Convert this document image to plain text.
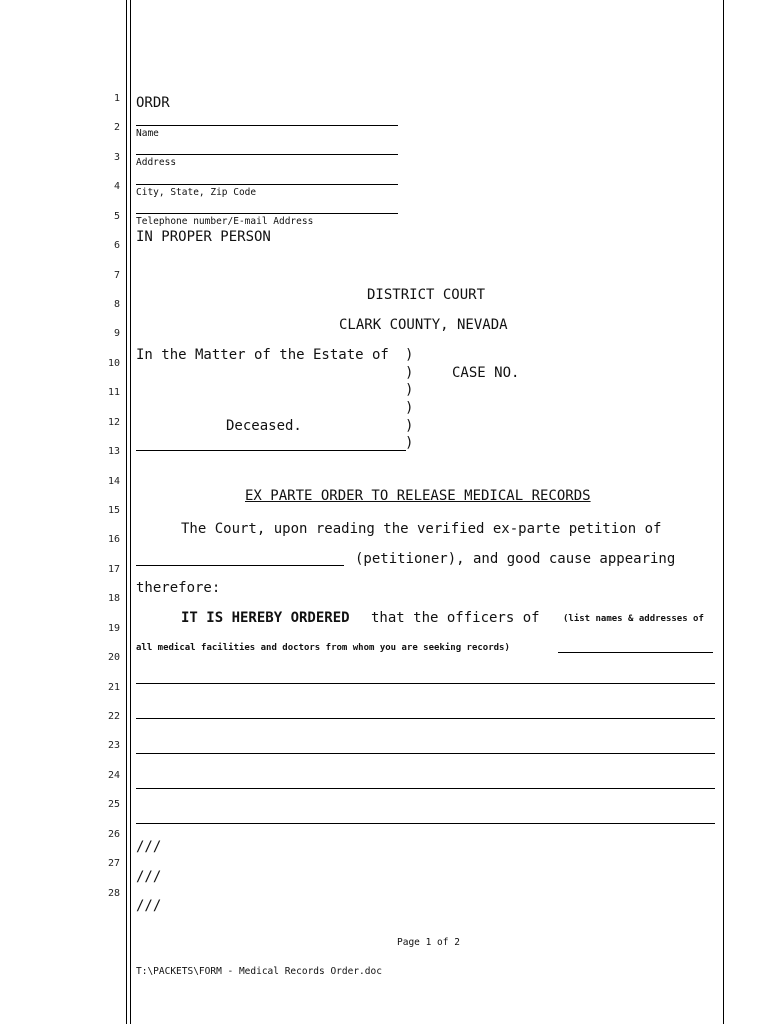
1
2
3
4
5
6
7
8
9
10
11
12
13
14
15
16
17
18
19
20
21
22
23
24
25
26
27
28
ORDR
Name
Address
City, State, Zip Code
Telephone number/E-mail Address
IN PROPER PERSON
DISTRICT COURT
CLARK COUNTY, NEVADA
In the Matter of the Estate of )
)	CASE NO.
)
)
Deceased.	)
)
EX PARTE ORDER TO RELEASE MEDICAL RECORDS
The Court, upon reading the verified ex-parte petition of
(petitioner), and good cause appearing
therefore:
IT IS HEREBY ORDERED that the officers of	(list names & addresses of
all medical facilities and doctors from whom you are seeking records)
///
///
///
Page 1 of 2
T:\PACKETS\FORM - Medical Records Order.doc
